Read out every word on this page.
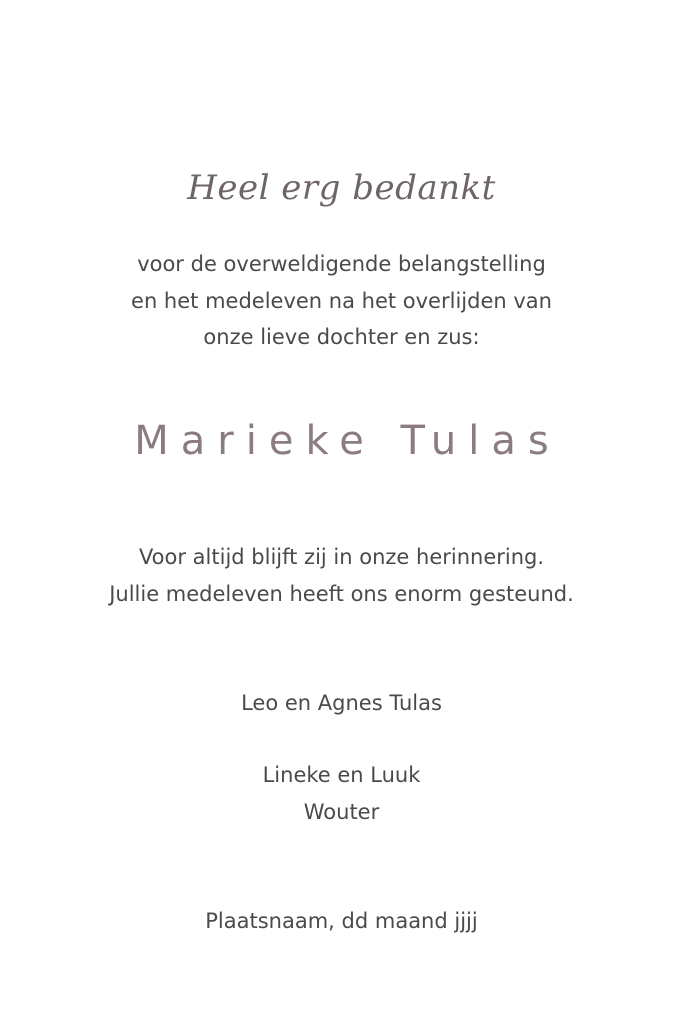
Heel erg bedankt
voor de overweldigende belangstelling
en het medeleven na het overlijden van
onze lieve dochter en zus:
Marieke Tulas
Voor altijd blijft zij in onze herinnering.
Jullie medeleven heeft ons enorm gesteund.
Leo en Agnes Tulas
Lineke en Luuk
Wouter
Plaatsnaam, dd maand jjjj
